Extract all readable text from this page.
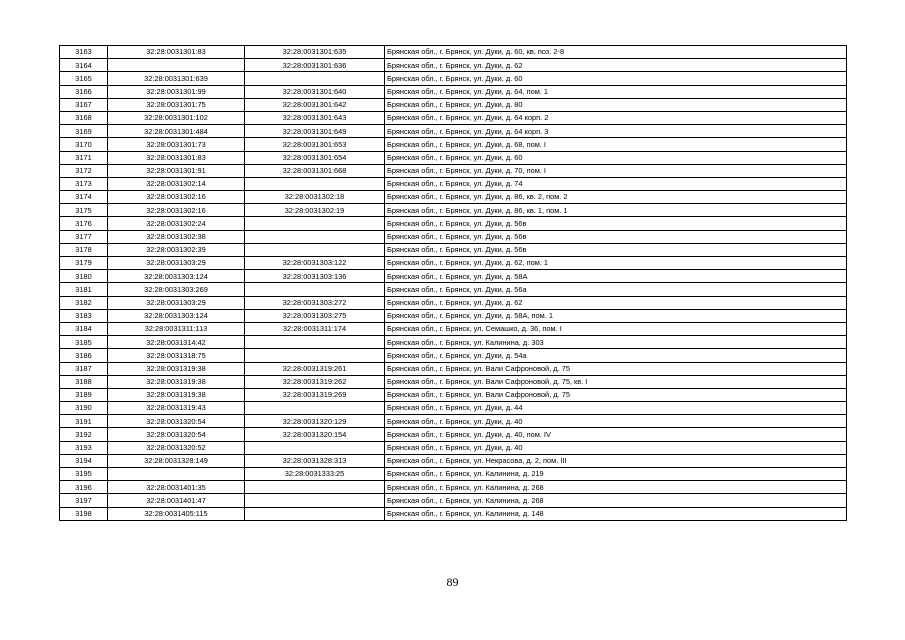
3163	32:28:0031301:83	32:28:0031301:635	Брянская обл., г. Брянск, ул. Дуки, д. 60, кв. поз. 2-8
3164		32:28:0031301:636	Брянская обл., г. Брянск, ул. Дуки, д. 62
3165	32:28:0031301:639		Брянская обл., г. Брянск, ул. Дуки, д. 60
3166	32:28:0031301:99	32:28:0031301:640	Брянская обл., г. Брянск, ул. Дуки, д. 64, пом. 1
3167	32:28:0031301:75	32:28:0031301:642	Брянская обл., г. Брянск, ул. Дуки, д. 80
3168	32:28:0031301:102	32:28:0031301:643	Брянская обл., г. Брянск, ул. Дуки, д. 64 корп. 2
3169	32:28:0031301:484	32:28:0031301:649	Брянская обл., г. Брянск, ул. Дуки, д. 64 корп. 3
3170	32:28:0031301:73	32:28:0031301:653	Брянская обл., г. Брянск, ул. Дуки, д. 68, пом. I
3171	32:28:0031301:83	32:28:0031301:654	Брянская обл., г. Брянск, ул. Дуки, д. 60
3172	32:28:0031301:91	32:28:0031301:668	Брянская обл., г. Брянск, ул. Дуки, д. 70, пом. I
3173	32:28:0031302:14		Брянская обл., г. Брянск, ул. Дуки, д. 74
3174	32:28:0031302:16	32:28:0031302:18	Брянская обл., г. Брянск, ул. Дуки, д. 86, кв. 2, пом. 2
3175	32:28:0031302:16	32:28:0031302:19	Брянская обл., г. Брянск, ул. Дуки, д. 86, кв. 1, пом. 1
3176	32:28:0031302:24		Брянская обл., г. Брянск, ул. Дуки, д. 56в
3177	32:28:0031302:38		Брянская обл., г. Брянск, ул. Дуки, д. 56в
3178	32:28:0031302:39		Брянская обл., г. Брянск, ул. Дуки, д. 56в
3179	32:28:0031303:29	32:28:0031303:122	Брянская обл., г. Брянск, ул. Дуки, д. 62, пом. 1
3180	32:28:0031303:124	32:28:0031303:136	Брянская обл., г. Брянск, ул. Дуки, д. 58А
3181	32:28:0031303:269		Брянская обл., г. Брянск, ул. Дуки, д. 56а
3182	32:28:0031303:29	32:28:0031303:272	Брянская обл., г. Брянск, ул. Дуки, д. 62
3183	32:28:0031303:124	32:28:0031303:275	Брянская обл., г. Брянск, ул. Дуки, д. 58А, пом. 1
3184	32:28:0031311:113	32:28:0031311:174	Брянская обл., г. Брянск, ул. Семашко, д. 36, пом. I
3185	32:28:0031314:42		Брянская обл., г. Брянск, ул. Калинина, д. 303
3186	32:28:0031318:75		Брянская обл., г. Брянск, ул. Дуки, д. 54а
3187	32:28:0031319:38	32:28:0031319:261	Брянская обл., г. Брянск, ул. Вали Сафроновой, д. 75
3188	32:28:0031319:38	32:28:0031319:262	Брянская обл., г. Брянск, ул. Вали Сафроновой, д. 75, кв. I
3189	32:28:0031319:38	32:28:0031319:269	Брянская обл., г. Брянск, ул. Вали Сафроновой, д. 75
3190	32:28:0031319:43		Брянская обл., г. Брянск, ул. Дуки, д. 44
3191	32:28:0031320:54	32:28:0031320:129	Брянская обл., г. Брянск, ул. Дуки, д. 40
3192	32:28:0031320:54	32:28:0031320:154	Брянская обл., г. Брянск, ул. Дуки, д. 40, пом. IV
3193	32:28:0031320:52		Брянская обл., г. Брянск, ул. Дуки, д. 40
3194	32:28:0031328:149	32:28:0031328:313	Брянская обл., г. Брянск, ул. Некрасова, д. 2, пом. III
3195		32:28:0031333:25	Брянская обл., г. Брянск, ул. Калинина, д. 219
3196	32:28:0031401:35		Брянская обл., г. Брянск, ул. Калинина, д. 268
3197	32:28:0031401:47		Брянская обл., г. Брянск, ул. Калинина, д. 268
3198	32:28:0031405:115		Брянская обл., г. Брянск, ул. Калинина, д. 148
89
